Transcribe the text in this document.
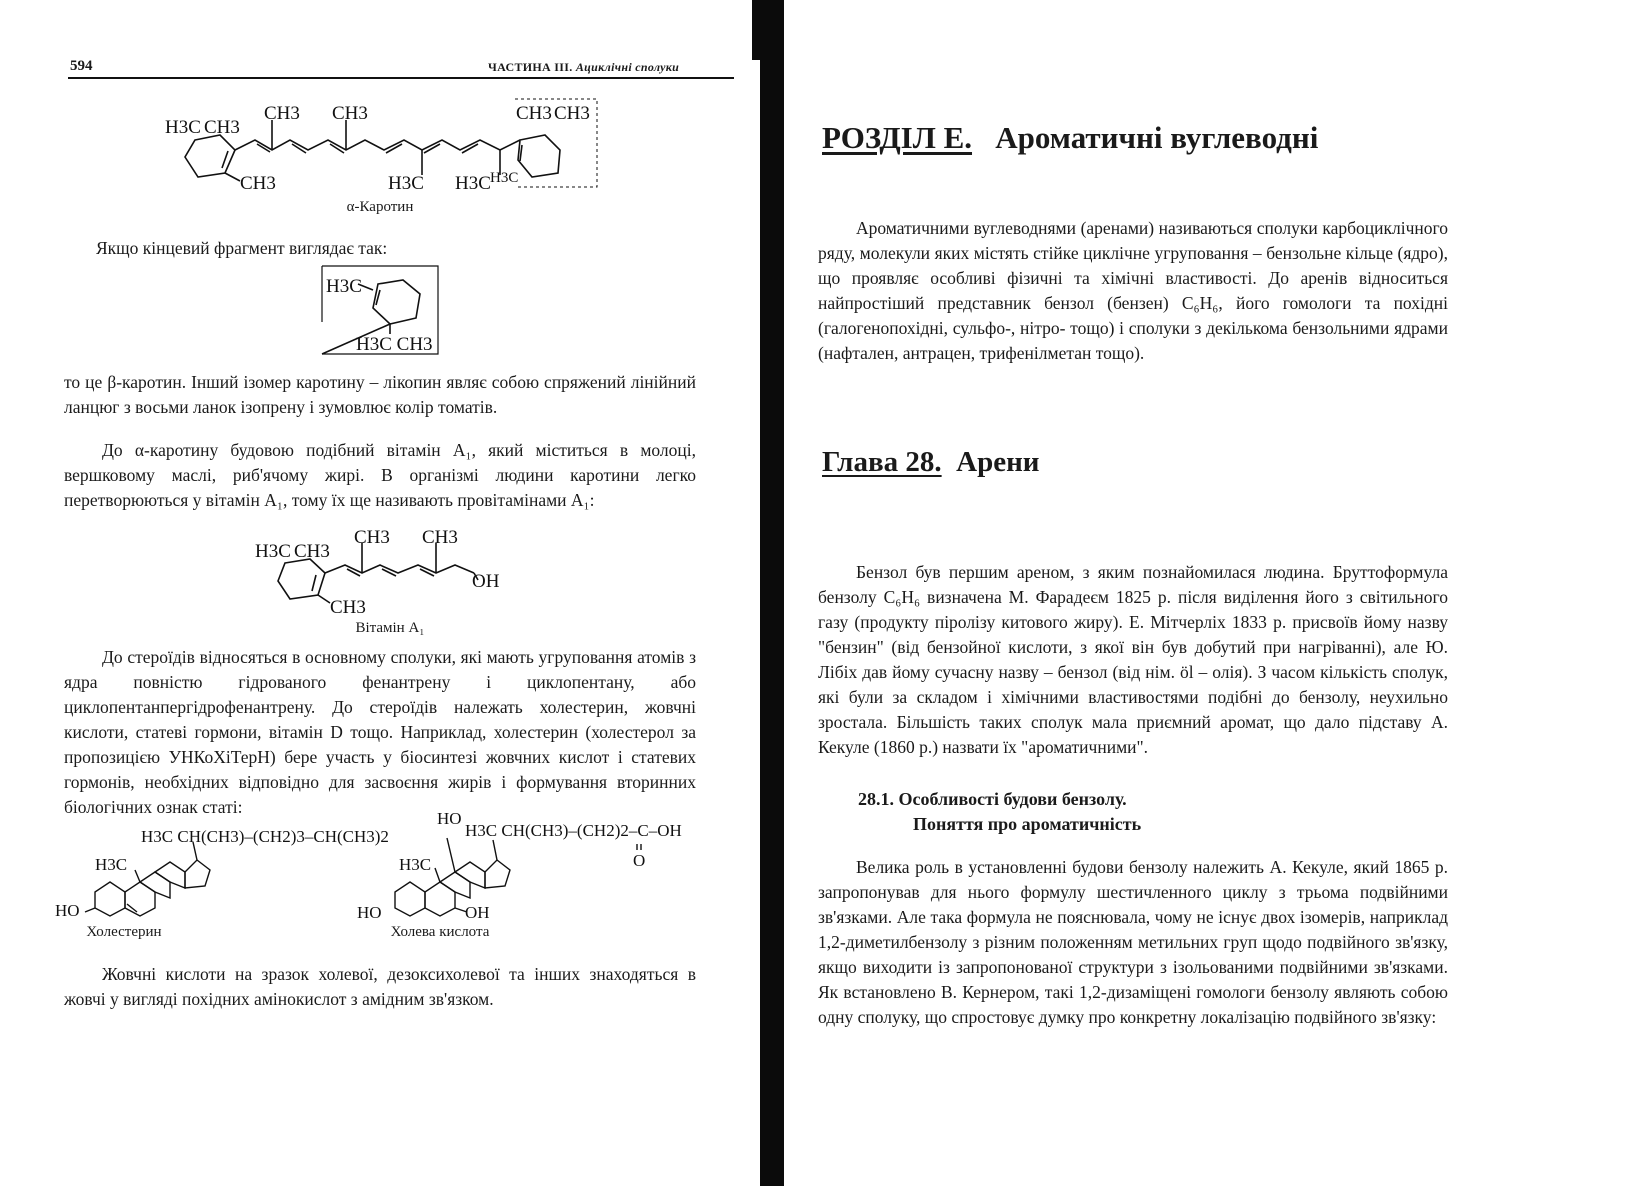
594	ЧАСТИНА III. Ациклічні сполуки
H3C CH3
CH3 CH3
CH3	H3C
CH3
H3C H3C
CH3
α-Каротин
Якщо кінцевий фрагмент виглядає так:
H3C
H3C CH3
то це β-каротин. Інший ізомер каротину – лікопин являє собою спряжений лінійний ланцюг з восьми ланок ізопрену і зумовлює колір томатів.
До α-каротину будовою подібний вітамін A₁, який міститься в молоці, вершковому маслі, риб'ячому жирі. В організмі людини каротини легко перетворюються у вітамін A₁, тому їх ще називають провітамінами A₁:
H3C CH3
CH3 CH3
OH
CH3
Вітамін A₁
До стероїдів відносяться в основному сполуки, які мають угруповання атомів з ядра повністю гідрованого фенантрену і циклопентану, або циклопентанпергідрофенантрену. До стероїдів належать холестерин, жовчні кислоти, статеві гормони, вітамін D тощо. Наприклад, холестерин (холестерол за пропозицією УНКоХіТерН) бере участь у біосинтезі жовчних кислот і статевих гормонів, необхідних відповідно для засвоєння жирів і формування вторинних біологічних ознак статі:
H3C CH(CH3)–(CH2)3–CH(CH3)2
H3C
HO
Холестерин
H3C CH(CH3)–(CH2)2–C–OH
HO
H3C	O
HO	OH
Холева кислота
Жовчні кислоти на зразок холевої, дезоксихолевої та інших знаходяться в жовчі у вигляді похідних амінокислот з амідним зв'язком.
РОЗДІЛ Е. Ароматичні вуглеводні
Ароматичними вуглеводнями (аренами) називаються сполуки карбоциклічного ряду, молекули яких містять стійке циклічне угруповання – бензольне кільце (ядро), що проявляє особливі фізичні та хімічні властивості. До аренів відноситься найпростіший представник бензол (бензен) C₆H₆, його гомологи та похідні (галогенопохідні, сульфо-, нітро- тощо) і сполуки з декількома бензольними ядрами (нафтален, антрацен, трифенілметан тощо).
Глава 28. Арени
Бензол був першим ареном, з яким познайомилася людина. Бруттоформула бензолу C₆H₆ визначена М. Фарадеєм 1825 р. після виділення його з світильного газу (продукту піролізу китового жиру). Е. Мітчерліх 1833 р. присвоїв йому назву "бензин" (від бензойної кислоти, з якої він був добутий при нагріванні), але Ю. Лібіх дав йому сучасну назву – бензол (від нім. öl – олія). З часом кількість сполук, які були за складом і хімічними властивостями подібні до бензолу, неухильно зростала. Більшість таких сполук мала приємний аромат, що дало підставу А. Кекуле (1860 р.) назвати їх "ароматичними".
28.1. Особливості будови бензолу.
Поняття про ароматичність
Велика роль в установленні будови бензолу належить А. Кекуле, який 1865 р. запропонував для нього формулу шестичленного циклу з трьома подвійними зв'язками. Але така формула не пояснювала, чому не існує двох ізомерів, наприклад 1,2-диметилбензолу з різним положенням метильних груп щодо подвійного зв'язку, якщо виходити із запропонованої структури з ізольованими подвійними зв'язками. Як встановлено В. Кернером, такі 1,2-дизаміщені гомологи бензолу являють собою одну сполуку, що спростовує думку про конкретну локалізацію подвійного зв'язку:
